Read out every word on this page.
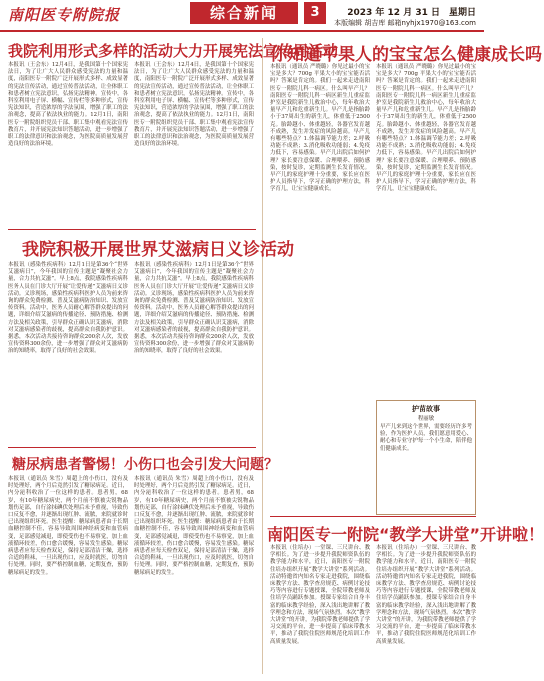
南阳医专附院报	综合新闻	3	2023 年 12 月 31 日　星期日
本版编辑 胡吉库 邮箱nyhjx1970@163.com
我院利用形式多样的活动大力开展宪法宣传周活动
本报讯（王会东）12月4日，是我国第十个国家宪法日，为了让广大人民群众感受宪法的力量和温度，南阳医专一附院广泛开展形式多样、成效显著的宪法宣传活动，通过宣传普法活动，让全体职工和患者树立宪法意识，弘扬宪法精神。宣传中，各科室利用电子屏、横幅、宣传栏等多种形式，宣传宪法知识，营造浓厚的学法氛围，增强了职工的法治观念，提高了依法执业的能力。12月1日，南阳医专一附院组织党员干部、职工集中观看宪法宣传教育片，并开展宪法知识答题活动，进一步增强了职工的法律意识和法治观念，为医院高质量发展营造良好的法治环境。
本报讯（王会东）12月4日，是我国第十个国家宪法日，为了让广大人民群众感受宪法的力量和温度，南阳医专一附院广泛开展形式多样、成效显著的宪法宣传活动，通过宣传普法活动，让全体职工和患者树立宪法意识，弘扬宪法精神。宣传中，各科室利用电子屏、横幅、宣传栏等多种形式，宣传宪法知识，营造浓厚的学法氛围，增强了职工的法治观念，提高了依法执业的能力。12月1日，南阳医专一附院组织党员干部、职工集中观看宪法宣传教育片，并开展宪法知识答题活动，进一步增强了职工的法律意识和法治观念，为医院高质量发展营造良好的法治环境。
我院积极开展世界艾滋病日义诊活动
本报讯（感染性疾病科）12月1日是第36个“世界艾滋病日”，今年我国的宣传主题是“凝聚社会力量，合力共抗艾滋”。早上8点，我院感染性疾病科医务人员在门诊大厅开展“让爱传递”艾滋病日义诊活动。义诊现场，感染性疾病科医护人员为前来咨询的群众免费检测、普及艾滋病防治知识、发放宣传资料。活动中，医务人员耐心解答群众提出的问题，详细介绍艾滋病的传播途径、预防措施、检测方法及相关政策，引导群众正确认识艾滋病，消除对艾滋病感染者的歧视，提高群众自我防护意识。据悉，本次活动共接待咨询群众200余人次，发放宣传资料300余份，进一步增强了群众对艾滋病防治的知晓率，取得了良好的社会效果。
本报讯（感染性疾病科）12月1日是第36个“世界艾滋病日”，今年我国的宣传主题是“凝聚社会力量，合力共抗艾滋”。早上8点，我院感染性疾病科医务人员在门诊大厅开展“让爱传递”艾滋病日义诊活动。义诊现场，感染性疾病科医护人员为前来咨询的群众免费检测、普及艾滋病防治知识、发放宣传资料。活动中，医务人员耐心解答群众提出的问题，详细介绍艾滋病的传播途径、预防措施、检测方法及相关政策，引导群众正确认识艾滋病，消除对艾滋病感染者的歧视，提高群众自我防护意识。据悉，本次活动共接待咨询群众200余人次，发放宣传资料300余份，进一步增强了群众对艾滋病防治的知晓率，取得了良好的社会效果。
糖尿病患者警惕！小伤口也会引发大问题？
本报讯（通讯员 朱雪）周超上的小伤口，没有及时处理好，两个月后竟然引发了糖尿病足。近日，内分泌科收治了一位这样的患者。患者男，68岁，有10年糖尿病史，两个月前不慎被尖锐物品划伤足部，自行涂抹碘伏处理后未予重视，导致伤口反复不愈，并逐渐出现红肿、流脓，来院就诊时已出现组织坏死。医生提醒：糖尿病患者由于长期血糖控制不佳，容易导致周围神经病变和血管病变，足部感觉减退，即使受伤也不易察觉，加上血液循环较差，伤口愈合缓慢，容易发生感染。糖尿病患者应每天检查双足，保持足部清洁干燥，选择合适的鞋袜，一旦出现伤口，应及时就医，切勿自行处理。同时，要严格控制血糖，定期复查，预防糖尿病足的发生。
本报讯（通讯员 朱雪）周超上的小伤口，没有及时处理好，两个月后竟然引发了糖尿病足。近日，内分泌科收治了一位这样的患者。患者男，68岁，有10年糖尿病史，两个月前不慎被尖锐物品划伤足部，自行涂抹碘伏处理后未予重视，导致伤口反复不愈，并逐渐出现红肿、流脓，来院就诊时已出现组织坏死。医生提醒：糖尿病患者由于长期血糖控制不佳，容易导致周围神经病变和血管病变，足部感觉减退，即使受伤也不易察觉，加上血液循环较差，伤口愈合缓慢，容易发生感染。糖尿病患者应每天检查双足，保持足部清洁干燥，选择合适的鞋袜，一旦出现伤口，应及时就医，切勿自行处理。同时，要严格控制血糖，定期复查，预防糖尿病足的发生。
你知道平果人的宝宝怎么健康成长吗
本报讯（通讯员 严晓璐）你见过最小的宝宝是多大？700g 平果大小的宝宝能否活吗？答案是肯定的。我们一起来走进南阳医专一附院儿科一病区。什么叫早产儿？南阳医专一附院儿科一病区新生儿重症监护室是我院新生儿救治中心，每年收治大量早产儿和危重新生儿。早产儿是指胎龄小于37周出生的新生儿，体重低于2500克。胎龄越小、体重越轻，各器官发育越不成熟，发生并发症的风险越高。早产儿有哪些特点？1.体温调节能力差；2.呼吸功能不成熟；3.消化吸收功能弱；4.免疫力低下，容易感染。早产儿出院后如何护理？家长要注意保暖、合理喂养、预防感染，按时复诊，定期监测生长发育情况。早产儿的家庭护理十分重要，家长应在医护人员指导下，学习正确的护理方法，科学育儿，让宝宝健康成长。
本报讯（通讯员 严晓璐）你见过最小的宝宝是多大？700g 平果大小的宝宝能否活吗？答案是肯定的。我们一起来走进南阳医专一附院儿科一病区。什么叫早产儿？南阳医专一附院儿科一病区新生儿重症监护室是我院新生儿救治中心，每年收治大量早产儿和危重新生儿。早产儿是指胎龄小于37周出生的新生儿，体重低于2500克。胎龄越小、体重越轻，各器官发育越不成熟，发生并发症的风险越高。早产儿有哪些特点？1.体温调节能力差；2.呼吸功能不成熟；3.消化吸收功能弱；4.免疫力低下，容易感染。早产儿出院后如何护理？家长要注意保暖、合理喂养、预防感染，按时复诊，定期监测生长发育情况。早产儿的家庭护理十分重要，家长应在医护人员指导下，学习正确的护理方法，科学育儿，让宝宝健康成长。
护苗故事
程丽敏
早产儿来到这个世界，需要经历许多考验，作为医护人员，我们愿意用爱心、耐心和专业守护每一个小生命，陪伴他们健康成长。
南阳医专一附院“教学大讲堂”开讲啦！
本报讯（住培办）一堂课、三尺讲台、教学相长。为了进一步提升我院师资队伍的教学能力和水平，近日，南阳医专一附院住培办组织开展“教学大讲堂”系列活动。活动特邀省内知名专家走进我院，围绕临床教学方法、教学查房规范、病例讨论技巧等内容进行专题授课，全院带教老师及住培学员踊跃参加。授课专家结合自身丰富的临床教学经验，深入浅出地讲解了教学理念和方法，现场气氛热烈。本次“教学大讲堂”的开讲，为我院带教老师提供了学习交流的平台，进一步提高了临床带教水平，推动了我院住院医师规范化培训工作高质量发展。
本报讯（住培办）一堂课、三尺讲台、教学相长。为了进一步提升我院师资队伍的教学能力和水平，近日，南阳医专一附院住培办组织开展“教学大讲堂”系列活动。活动特邀省内知名专家走进我院，围绕临床教学方法、教学查房规范、病例讨论技巧等内容进行专题授课，全院带教老师及住培学员踊跃参加。授课专家结合自身丰富的临床教学经验，深入浅出地讲解了教学理念和方法，现场气氛热烈。本次“教学大讲堂”的开讲，为我院带教老师提供了学习交流的平台，进一步提高了临床带教水平，推动了我院住院医师规范化培训工作高质量发展。
